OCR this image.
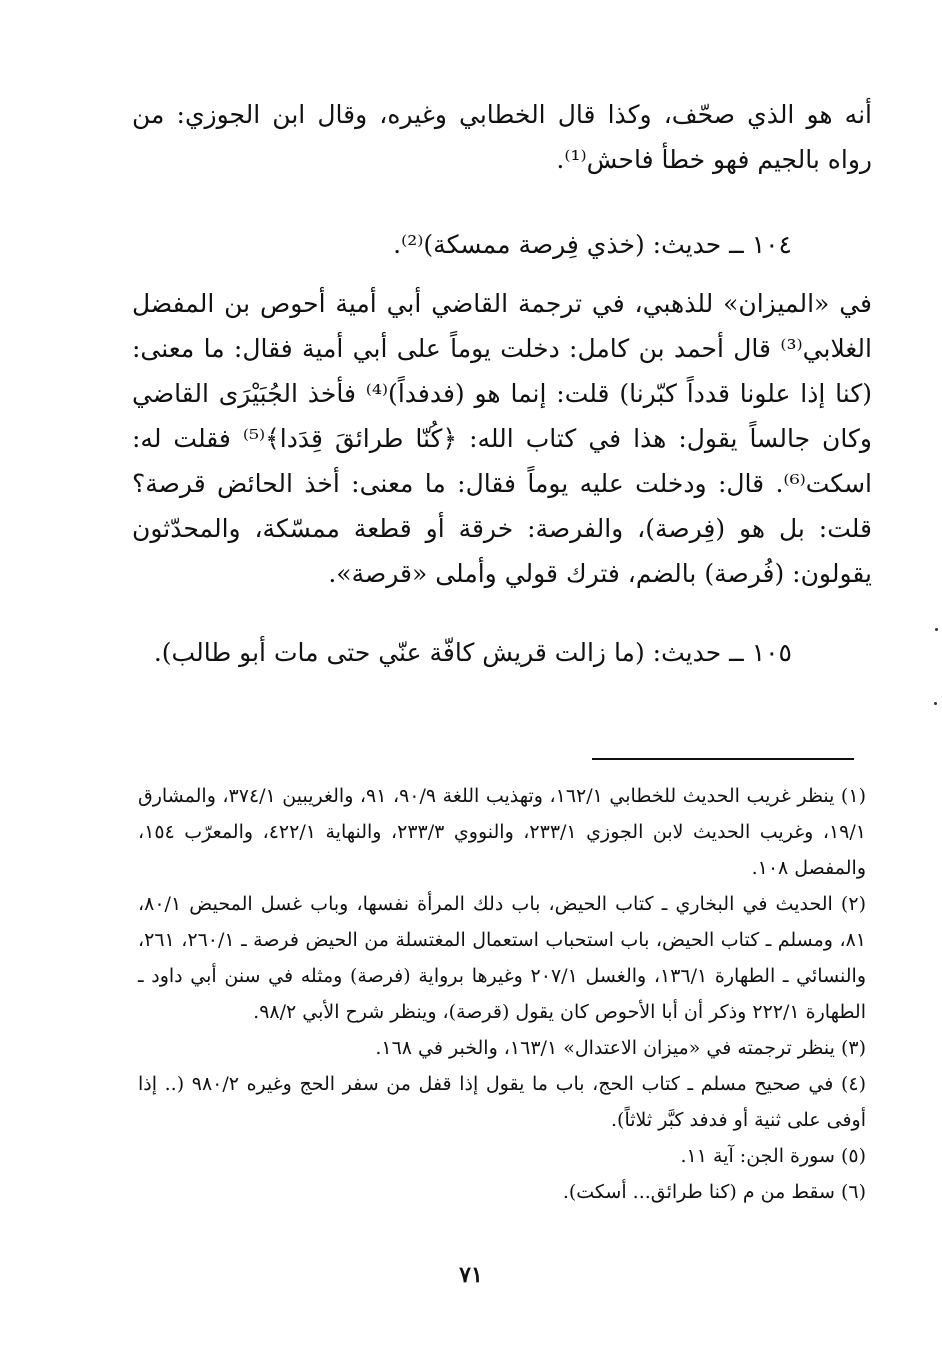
أنه هو الذي صحّف، وكذا قال الخطابي وغيره، وقال ابن الجوزي: من رواه بالجيم فهو خطأ فاحش⁽¹⁾.

١٠٤ ــ حديث: (خذي فِرصة ممسكة)⁽²⁾.

في «الميزان» للذهبي، في ترجمة القاضي أبي أمية أحوص بن المفضل الغلابي⁽³⁾ قال أحمد بن كامل: دخلت يوماً على أبي أمية فقال: ما معنى: (كنا إذا علونا قدداً كبّرنا) قلت: إنما هو (فدفداً)⁽⁴⁾ فأخذ الجُبَيْرَى القاضي وكان جالساً يقول: هذا في كتاب الله: ﴿كُنّا طرائقَ قِدَدا﴾⁽⁵⁾ فقلت له: اسكت⁽⁶⁾. قال: ودخلت عليه يوماً فقال: ما معنى: أخذ الحائض قرصة؟ قلت: بل هو (فِرصة)، والفرصة: خرقة أو قطعة ممسّكة، والمحدّثون يقولون: (فُرصة) بالضم، فترك قولي وأملى «قرصة».

١٠٥ ــ حديث: (ما زالت قريش كافّة عنّي حتى مات أبو طالب).

(١) ينظر غريب الحديث للخطابي ١٦٢/١، وتهذيب اللغة ٩٠/٩، ٩١، والغريبين ٣٧٤/١، والمشارق ١٩/١، وغريب الحديث لابن الجوزي ٢٣٣/١، والنووي ٢٣٣/٣، والنهاية ٤٢٢/١، والمعرّب ١٥٤، والمفصل ١٠٨.

(٢) الحديث في البخاري ـ كتاب الحيض، باب دلك المرأة نفسها، وباب غسل المحيض ٨٠/١، ٨١، ومسلم ـ كتاب الحيض، باب استحباب استعمال المغتسلة من الحيض فرصة ـ ٢٦٠/١، ٢٦١، والنسائي ـ الطهارة ١٣٦/١، والغسل ٢٠٧/١ وغيرها برواية (فرصة) ومثله في سنن أبي داود ـ الطهارة ٢٢٢/١ وذكر أن أبا الأحوص كان يقول (قرصة)، وينظر شرح الأبي ٩٨/٢.

(٣) ينظر ترجمته في «ميزان الاعتدال» ١٦٣/١، والخبر في ١٦٨.

(٤) في صحيح مسلم ـ كتاب الحج، باب ما يقول إذا قفل من سفر الحج وغيره ٩٨٠/٢ (.. إذا أوفى على ثنية أو فدفد كبَّر ثلاثاً).

(٥) سورة الجن: آية ١١.

(٦) سقط من م (كنا طرائق... أسكت).

٧١
